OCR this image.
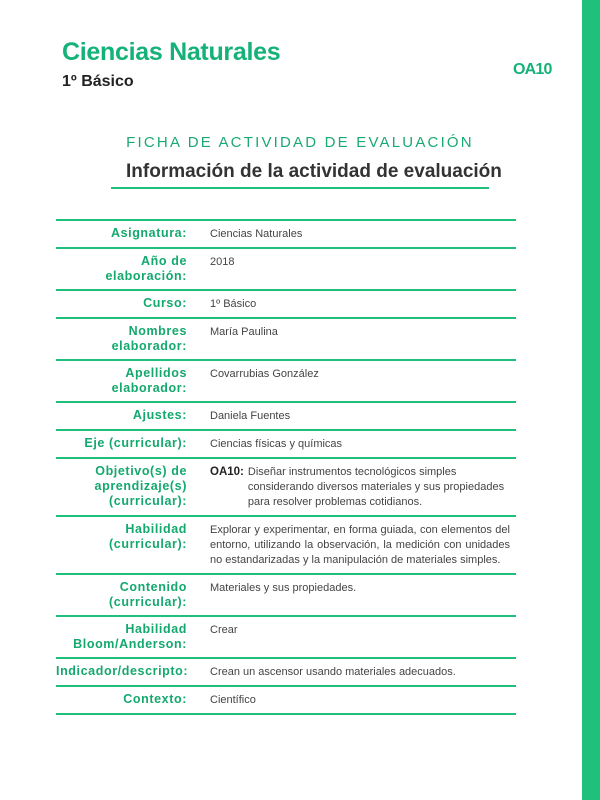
Ciencias Naturales
1º Básico
OA10
FICHA DE ACTIVIDAD DE EVALUACIÓN
Información de la actividad de evaluación
Asignatura: Ciencias Naturales
Año de elaboración:
2018
Curso: 1º Básico
Nombres elaborador:
María Paulina
Apellidos elaborador:
Covarrubias González
Ajustes: Daniela Fuentes
Eje (curricular): Ciencias físicas y químicas
Objetivo(s) de aprendizaje(s) (curricular):
OA10: Diseñar instrumentos tecnológicos simples considerando diversos materiales y sus propiedades para resolver problemas cotidianos.
Habilidad (curricular):
Explorar y experimentar, en forma guiada, con elementos del entorno, utilizando la observación, la medición con unidades no estandarizadas y la manipulación de materiales simples.
Contenido (curricular):
Materiales y sus propiedades.
Habilidad Bloom/Anderson:
Crear
Indicador/descripto: Crean un ascensor usando materiales adecuados.
Contexto: Científico
